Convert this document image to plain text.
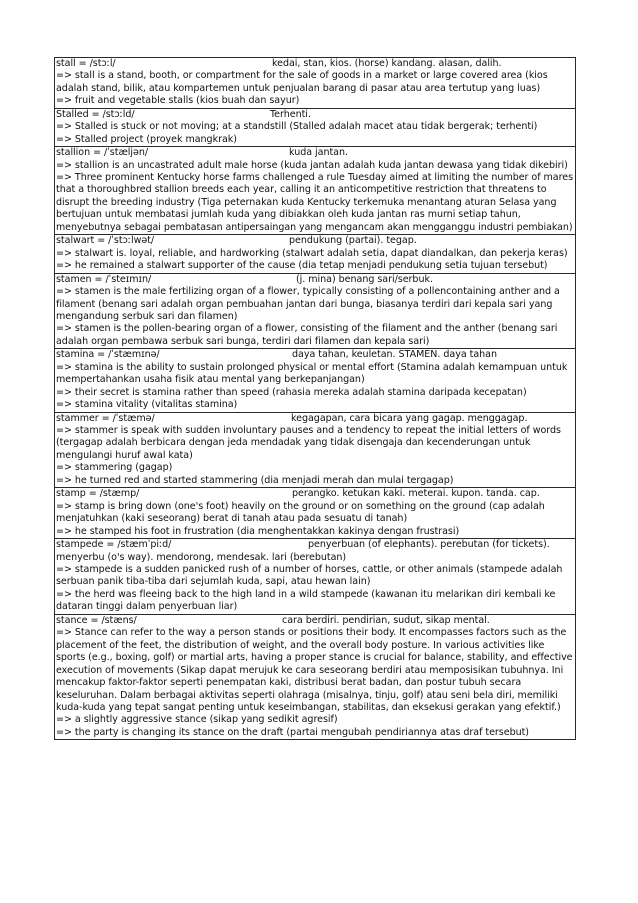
stall = /stɔːl/	kedai, stan, kios. (horse) kandang. alasan, dalih.
=> stall is a stand, booth, or compartment for the sale of goods in a market or large covered area (kios
adalah stand, bilik, atau kompartemen untuk penjualan barang di pasar atau area tertutup yang luas)
=> fruit and vegetable stalls (kios buah dan sayur)
Stalled = /stɔːld/	Terhenti.
=> Stalled is stuck or not moving; at a standstill (Stalled adalah macet atau tidak bergerak; terhenti)
=> Stalled project (proyek mangkrak)
stallion = /ˈstæljən/	kuda jantan.
=> stallion is an uncastrated adult male horse (kuda jantan adalah kuda jantan dewasa yang tidak dikebiri)
=> Three prominent Kentucky horse farms challenged a rule Tuesday aimed at limiting the number of mares
that a thoroughbred stallion breeds each year, calling it an anticompetitive restriction that threatens to
disrupt the breeding industry (Tiga peternakan kuda Kentucky terkemuka menantang aturan Selasa yang
bertujuan untuk membatasi jumlah kuda yang dibiakkan oleh kuda jantan ras murni setiap tahun,
menyebutnya sebagai pembatasan antipersaingan yang mengancam akan mengganggu industri pembiakan)
stalwart = /ˈstɔːlwət/	pendukung (partai). tegap.
=> stalwart is. loyal, reliable, and hardworking (stalwart adalah setia, dapat diandalkan, dan pekerja keras)
=> he remained a stalwart supporter of the cause (dia tetap menjadi pendukung setia tujuan tersebut)
stamen = /ˈsteɪmɪn/	(j. mina) benang sari/serbuk.
=> stamen is the male fertilizing organ of a flower, typically consisting of a pollencontaining anther and a
filament (benang sari adalah organ pembuahan jantan dari bunga, biasanya terdiri dari kepala sari yang
mengandung serbuk sari dan filamen)
=> stamen is the pollen-bearing organ of a flower, consisting of the filament and the anther (benang sari
adalah organ pembawa serbuk sari bunga, terdiri dari filamen dan kepala sari)
stamina = /ˈstæmɪnə/	daya tahan, keuletan. STAMEN. daya tahan
=> stamina is the ability to sustain prolonged physical or mental effort (Stamina adalah kemampuan untuk
mempertahankan usaha fisik atau mental yang berkepanjangan)
=> their secret is stamina rather than speed (rahasia mereka adalah stamina daripada kecepatan)
=> stamina vitality (vitalitas stamina)
stammer = /ˈstæmə/	kegagapan, cara bicara yang gagap. menggagap.
=> stammer is speak with sudden involuntary pauses and a tendency to repeat the initial letters of words
(tergagap adalah berbicara dengan jeda mendadak yang tidak disengaja dan kecenderungan untuk
mengulangi huruf awal kata)
=> stammering (gagap)
=> he turned red and started stammering (dia menjadi merah dan mulai tergagap)
stamp = /stæmp/	perangko. ketukan kaki. meterai. kupon. tanda. cap.
=> stamp is bring down (one's foot) heavily on the ground or on something on the ground (cap adalah
menjatuhkan (kaki seseorang) berat di tanah atau pada sesuatu di tanah)
=> he stamped his foot in frustration (dia menghentakkan kakinya dengan frustrasi)
stampede = /stæmˈpiːd/	penyerbuan (of elephants). perebutan (for tickets).
menyerbu (o's way). mendorong, mendesak. lari (berebutan)
=> stampede is a sudden panicked rush of a number of horses, cattle, or other animals (stampede adalah
serbuan panik tiba-tiba dari sejumlah kuda, sapi, atau hewan lain)
=> the herd was fleeing back to the high land in a wild stampede (kawanan itu melarikan diri kembali ke
dataran tinggi dalam penyerbuan liar)
stance = /stæns/	cara berdiri. pendirian, sudut, sikap mental.
=> Stance can refer to the way a person stands or positions their body. It encompasses factors such as the
placement of the feet, the distribution of weight, and the overall body posture. In various activities like
sports (e.g., boxing, golf) or martial arts, having a proper stance is crucial for balance, stability, and effective
execution of movements (Sikap dapat merujuk ke cara seseorang berdiri atau memposisikan tubuhnya. Ini
mencakup faktor-faktor seperti penempatan kaki, distribusi berat badan, dan postur tubuh secara
keseluruhan. Dalam berbagai aktivitas seperti olahraga (misalnya, tinju, golf) atau seni bela diri, memiliki
kuda-kuda yang tepat sangat penting untuk keseimbangan, stabilitas, dan eksekusi gerakan yang efektif.)
=> a slightly aggressive stance (sikap yang sedikit agresif)
=> the party is changing its stance on the draft (partai mengubah pendiriannya atas draf tersebut)
